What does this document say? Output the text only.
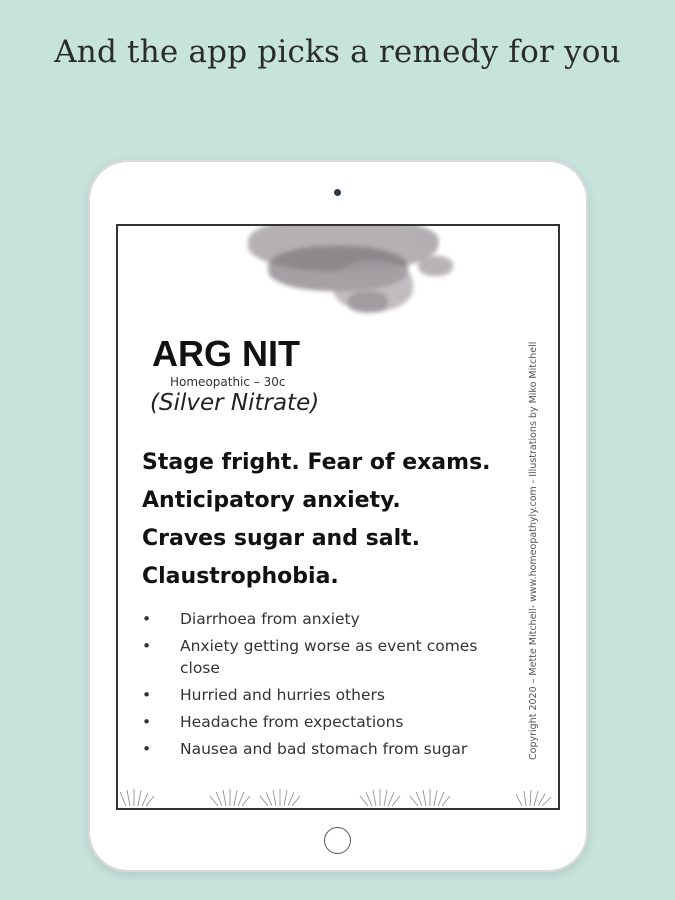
And the app picks a remedy for you
ARG NIT
Homeopathic – 30c
(Silver Nitrate)
Stage fright. Fear of exams.
Anticipatory anxiety.
Craves sugar and salt.
Claustrophobia.
• Diarrhoea from anxiety
• Anxiety getting worse as event comes close
• Hurried and hurries others
• Headache from expectations
• Nausea and bad stomach from sugar	Copyright 2020 – Mette Mitchell- www.homeopathyly.com - Illustrations by Miko Mitchell
